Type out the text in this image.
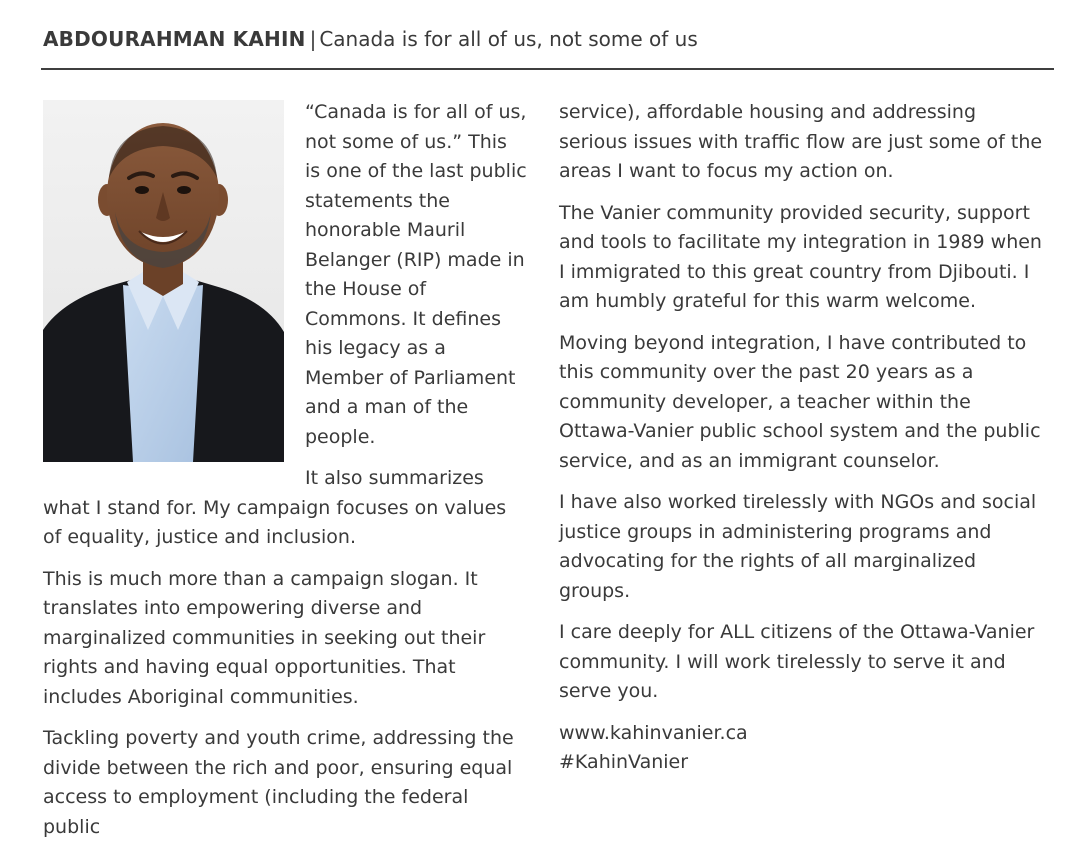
ABDOURAHMAN KAHIN | Canada is for all of us, not some of us

“Canada is for all of us, not some of us.” This is one of the last public statements the honorable Mauril Belanger (RIP) made in the House of Commons. It defines his legacy as a Member of Parliament and a man of the people.

It also summarizes what I stand for. My campaign focuses on values of equality, justice and inclusion.

This is much more than a campaign slogan. It translates into empowering diverse and marginalized communities in seeking out their rights and having equal opportunities. That includes Aboriginal communities.

Tackling poverty and youth crime, addressing the divide between the rich and poor, ensuring equal access to employment (including the federal public

service), affordable housing and addressing serious issues with traffic flow are just some of the areas I want to focus my action on.

The Vanier community provided security, support and tools to facilitate my integration in 1989 when I immigrated to this great country from Djibouti. I am humbly grateful for this warm welcome.

Moving beyond integration, I have contributed to this community over the past 20 years as a community developer, a teacher within the Ottawa-Vanier public school system and the public service, and as an immigrant counselor.

I have also worked tirelessly with NGOs and social justice groups in administering programs and advocating for the rights of all marginalized groups.

I care deeply for ALL citizens of the Ottawa-Vanier community. I will work tirelessly to serve it and serve you.

www.kahinvanier.ca
#KahinVanier
